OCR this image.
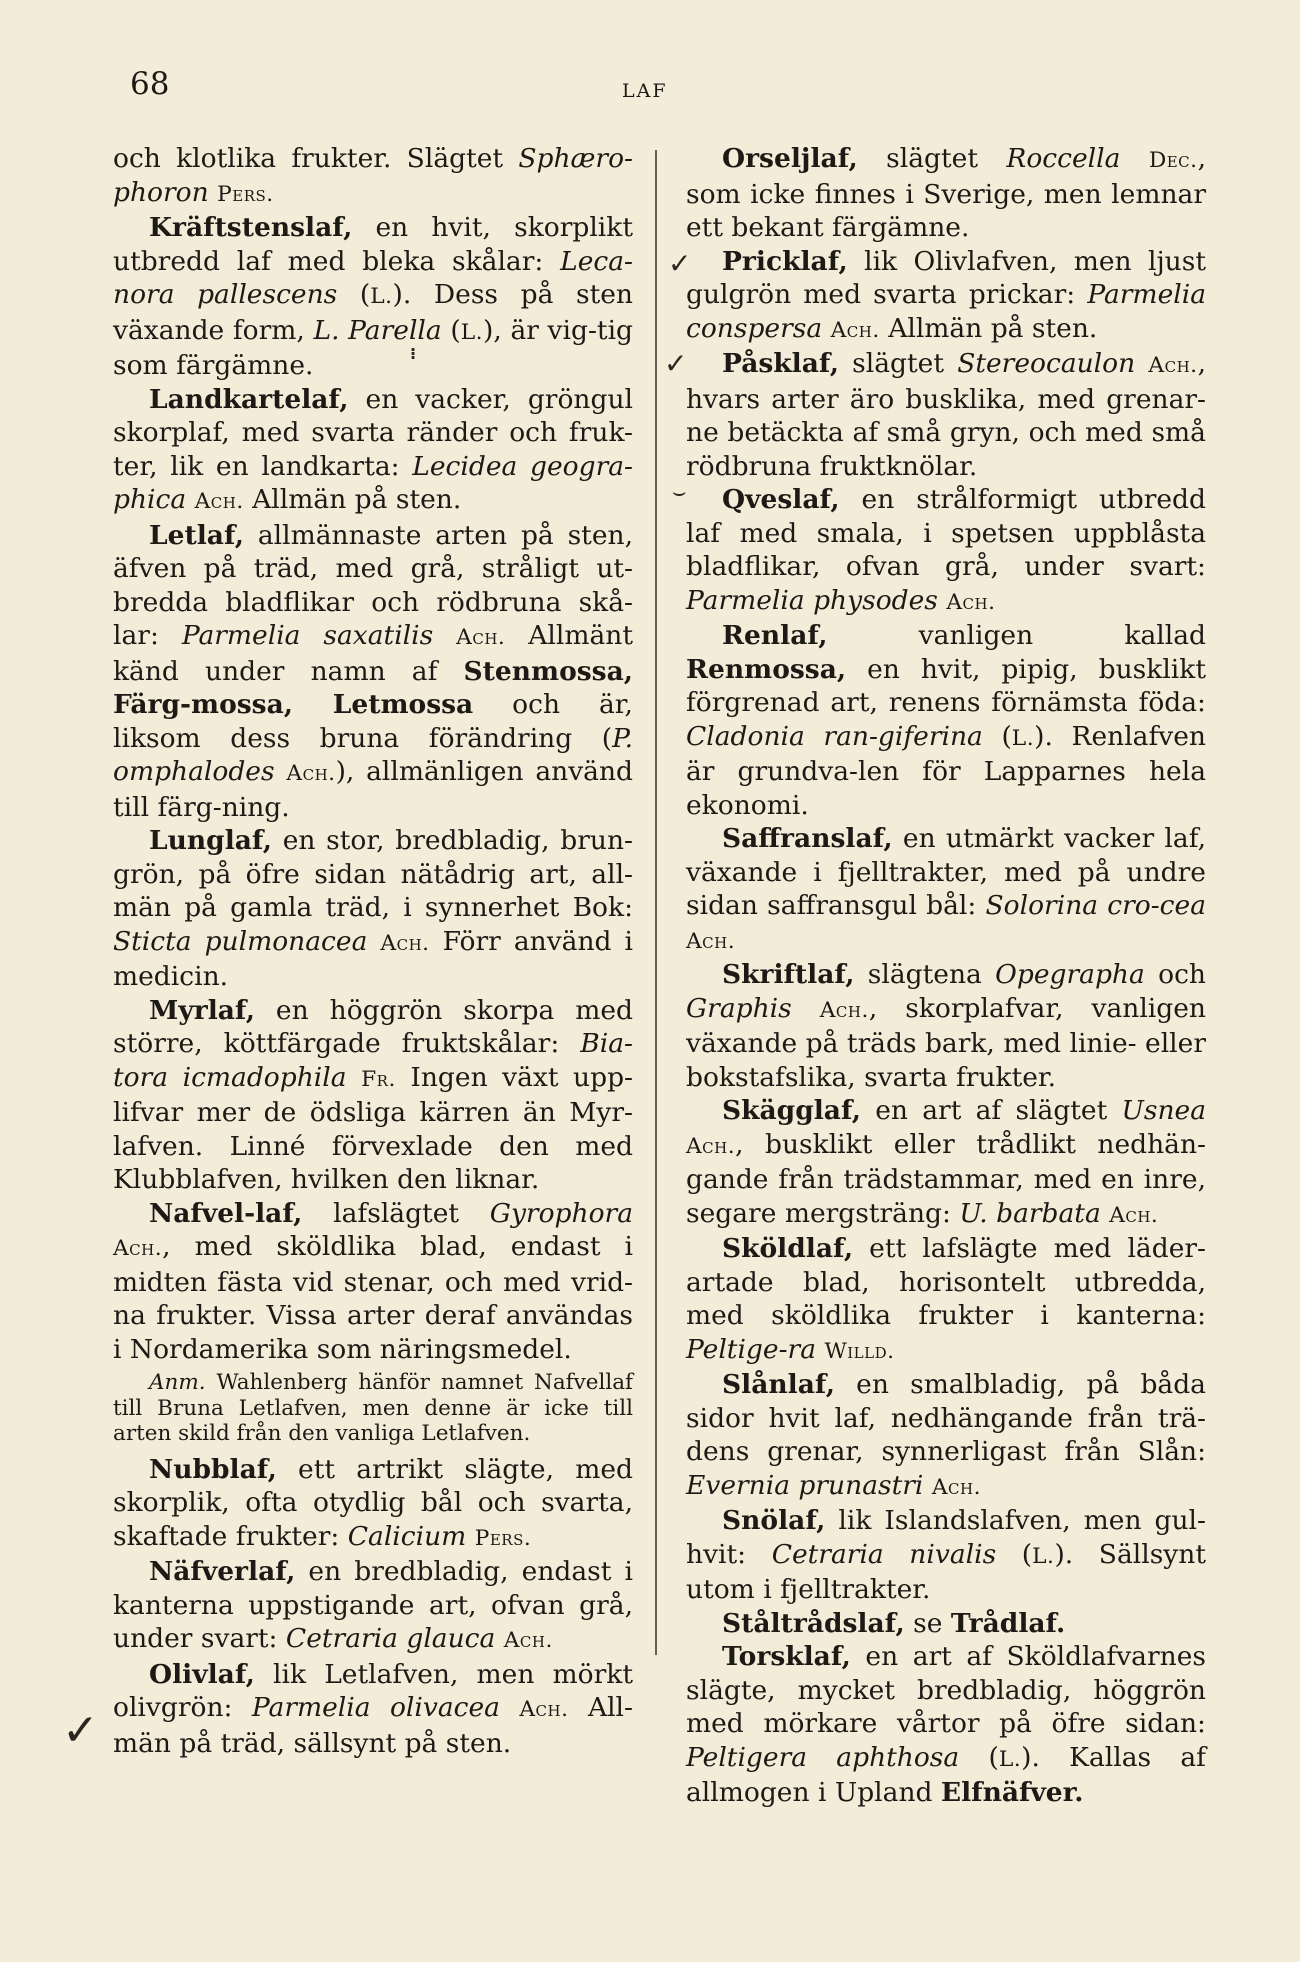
68	LAF

och klotlika frukter. Slägtet Sphæro-phoron Pers.

Kräftstenslaf, en hvit, skorplikt utbredd laf med bleka skålar: Leca-nora pallescens (L.). Dess på sten växande form, L. Parella (L.), är vig-tig som färgämne.

Landkartelaf, en vacker, gröngul skorplaf, med svarta ränder och fruk-ter, lik en landkarta: Lecidea geogra-phica Ach. Allmän på sten.

Letlaf, allmännaste arten på sten, äfven på träd, med grå, stråligt ut-bredda bladflikar och rödbruna skå-lar: Parmelia saxatilis Ach. Allmänt känd under namn af Stenmossa, Färg-mossa, Letmossa och är, liksom dess bruna förändring (P. omphalodes Ach.), allmänligen använd till färg-ning.

Lunglaf, en stor, bredbladig, brun-grön, på öfre sidan nätådrig art, all-män på gamla träd, i synnerhet Bok: Sticta pulmonacea Ach. Förr använd i medicin.

Myrlaf, en höggrön skorpa med större, köttfärgade fruktskålar: Bia-tora icmadophila Fr. Ingen växt upp-lifvar mer de ödsliga kärren än Myr-lafven. Linné förvexlade den med Klubblafven, hvilken den liknar.

Nafvel-laf, lafslägtet Gyrophora Ach., med sköldlika blad, endast i midten fästa vid stenar, och med vrid-na frukter. Vissa arter deraf användas i Nordamerika som näringsmedel.

Anm. Wahlenberg hänför namnet Nafvellaf till Bruna Letlafven, men denne är icke till arten skild från den vanliga Letlafven.

Nubblaf, ett artrikt slägte, med skorplik, ofta otydlig bål och svarta, skaftade frukter: Calicium Pers.

Näfverlaf, en bredbladig, endast i kanterna uppstigande art, ofvan grå, under svart: Cetraria glauca Ach.

Olivlaf, lik Letlafven, men mörkt olivgrön: Parmelia olivacea Ach. All-män på träd, sällsynt på sten.

Orseljlaf, slägtet Roccella Dec., som icke finnes i Sverige, men lemnar ett bekant färgämne.

Pricklaf, lik Olivlafven, men ljust gulgrön med svarta prickar: Parmelia conspersa Ach. Allmän på sten.

Påsklaf, slägtet Stereocaulon Ach., hvars arter äro busklika, med grenar-ne betäckta af små gryn, och med små rödbruna fruktknölar.

Qveslaf, en strålformigt utbredd laf med smala, i spetsen uppblåsta bladflikar, ofvan grå, under svart: Parmelia physodes Ach.

Renlaf, vanligen kallad Renmossa, en hvit, pipig, busklikt förgrenad art, renens förnämsta föda: Cladonia ran-giferina (L.). Renlafven är grundva-len för Lapparnes hela ekonomi.

Saffranslaf, en utmärkt vacker laf, växande i fjelltrakter, med på undre sidan saffransgul bål: Solorina cro-cea Ach.

Skriftlaf, slägtena Opegrapha och Graphis Ach., skorplafvar, vanligen växande på träds bark, med linie- eller bokstafslika, svarta frukter.

Skägglaf, en art af slägtet Usnea Ach., busklikt eller trådlikt nedhän-gande från trädstammar, med en inre, segare mergsträng: U. barbata Ach.

Sköldlaf, ett lafslägte med läder-artade blad, horisontelt utbredda, med sköldlika frukter i kanterna: Peltige-ra Willd.

Slånlaf, en smalbladig, på båda sidor hvit laf, nedhängande från trä-dens grenar, synnerligast från Slån: Evernia prunastri Ach.

Snölaf, lik Islandslafven, men gul-hvit: Cetraria nivalis (L.). Sällsynt utom i fjelltrakter.

Ståltrådslaf, se Trådlaf.

Torsklaf, en art af Sköldlafvarnes slägte, mycket bredbladig, höggrön med mörkare vårtor på öfre sidan: Peltigera aphthosa (L.). Kallas af allmogen i Upland Elfnäfver.

✓
✓
✓
⌣
⁝
